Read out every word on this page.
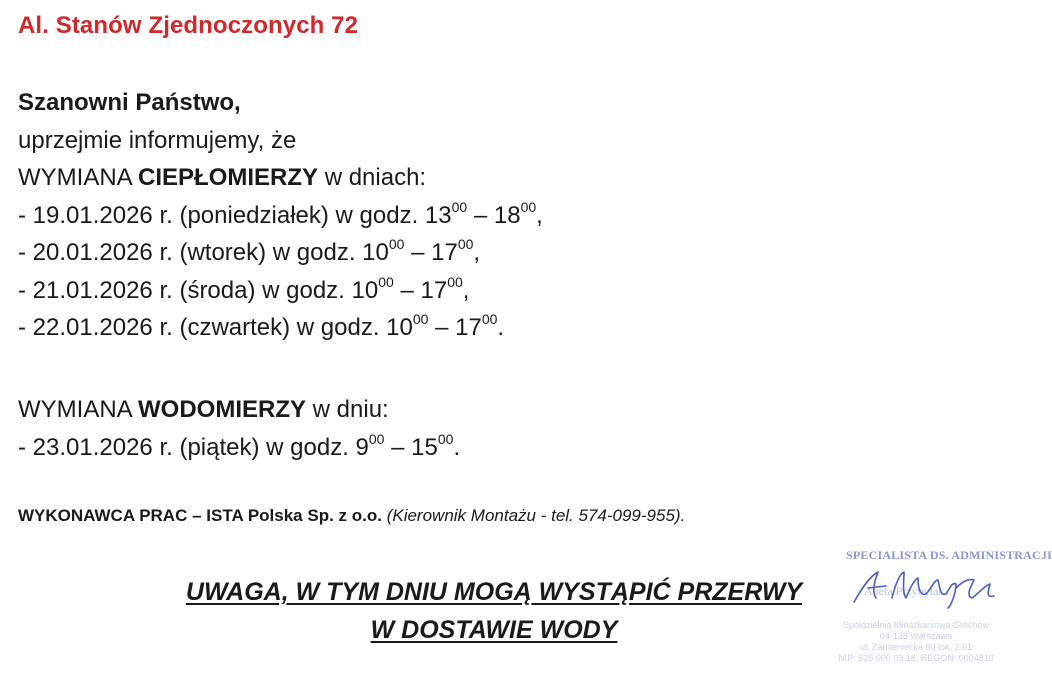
Al. Stanów Zjednoczonych 72
Szanowni Państwo,
uprzejmie informujemy, że
WYMIANA CIEPŁOMIERZY w dniach:
- 19.01.2026 r. (poniedziałek) w godz. $13^{00} - 18^{00}$,
- 20.01.2026 r. (wtorek) w godz. $10^{00} - 17^{00}$,
- 21.01.2026 r. (środa) w godz. $10^{00} - 17^{00}$,
- 22.01.2026 r. (czwartek) w godz. $10^{00} - 17^{00}$.
WYMIANA WODOMIERZY w dniu:
- 23.01.2026 r. (piątek) w godz. $9^{00} - 15^{00}$.
WYKONAWCA PRAC – ISTA Polska Sp. z o.o. (Kierownik Montażu - tel. 574-099-955).
UWAGA, W TYM DNIU MOGĄ WYSTĄPIĆ PRZERWY
W DOSTAWIE WODY
SPECIALISTA DS. ADMINISTRACJI
Aneta Przybylak
Spółdzielnia Mieszkaniowa Grochów
04-138 Warszawa
ul. Zamieniecka 80 lok. 2.01
NIP: 525 000 03 18, REGON: 0004810
